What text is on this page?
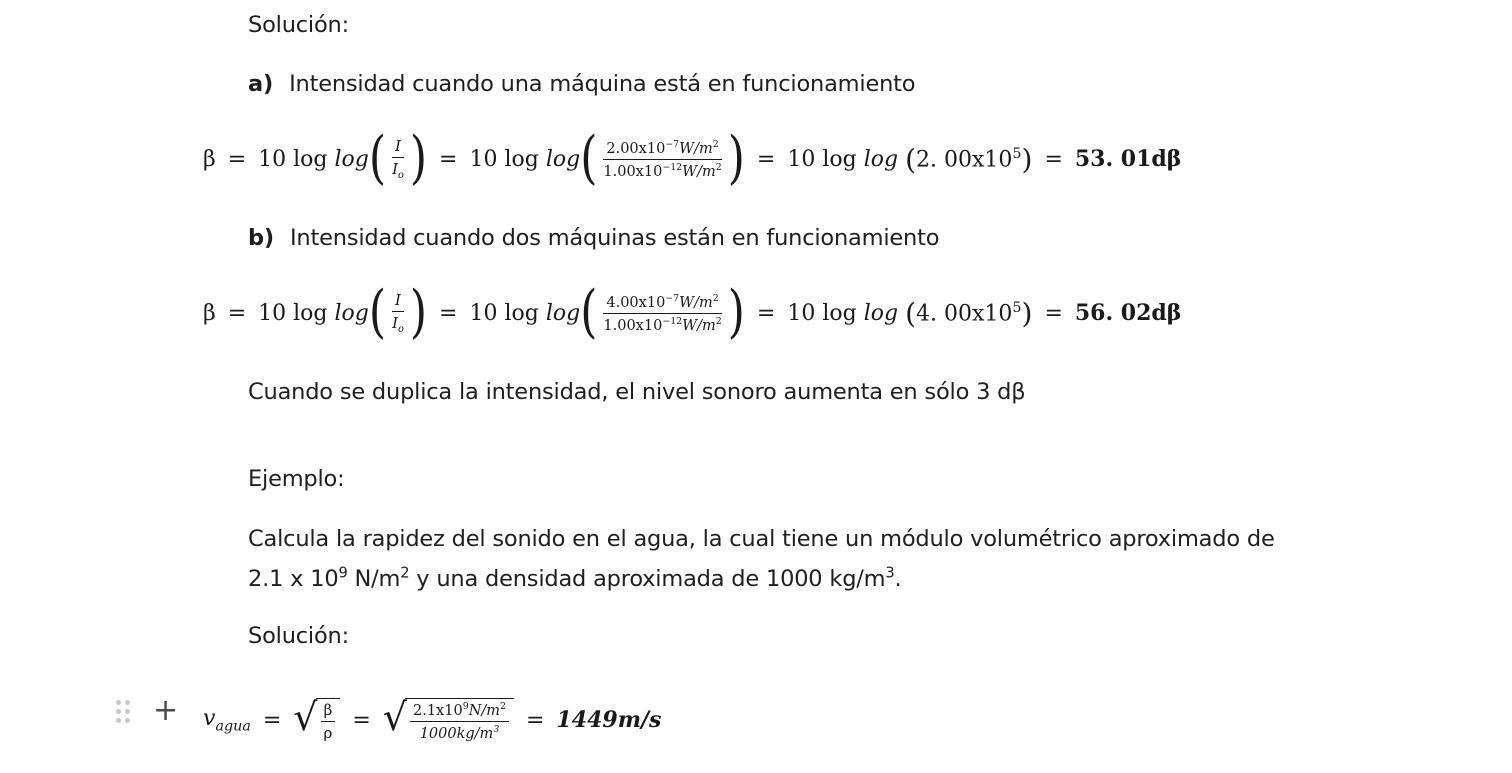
Solución:
a) Intensidad cuando una máquina está en funcionamiento
β = 10 log
log ( $\frac{I}{I_o}$ ) = 10 log
log ( $\frac{2.00x10^{-7}W/m^2}{1.00x10^{-12}W/m^2}$ ) = 10 log
log
( 2. $00x10^5$ ) = 53. 01dβ
b) Intensidad cuando dos máquinas están en funcionamiento
β = 10 log
log ( $\frac{I}{I_o}$ ) = 10 log
log ( $\frac{4.00x10^{-7}W/m^2}{1.00x10^{-12}W/m^2}$ ) = 10 log
log
( 4. $00x10^5$ ) = 56. 02dβ
Cuando se duplica la intensidad, el nivel sonoro aumenta en sólo 3 dβ
Ejemplo:
Calcula la rapidez del sonido en el agua, la cual tiene un módulo volumétrico aproximado de
2.1 x $10^9$ $N/m^2$ y una densidad aproximada de 1000 $kg/m^3$.
Solución:
+ $v_{agua}$ = √ $\frac{\beta}{\rho}$ = √ $\frac{2.1x10^9N/m^2}{1000kg/m^3} = 1449m/s$
